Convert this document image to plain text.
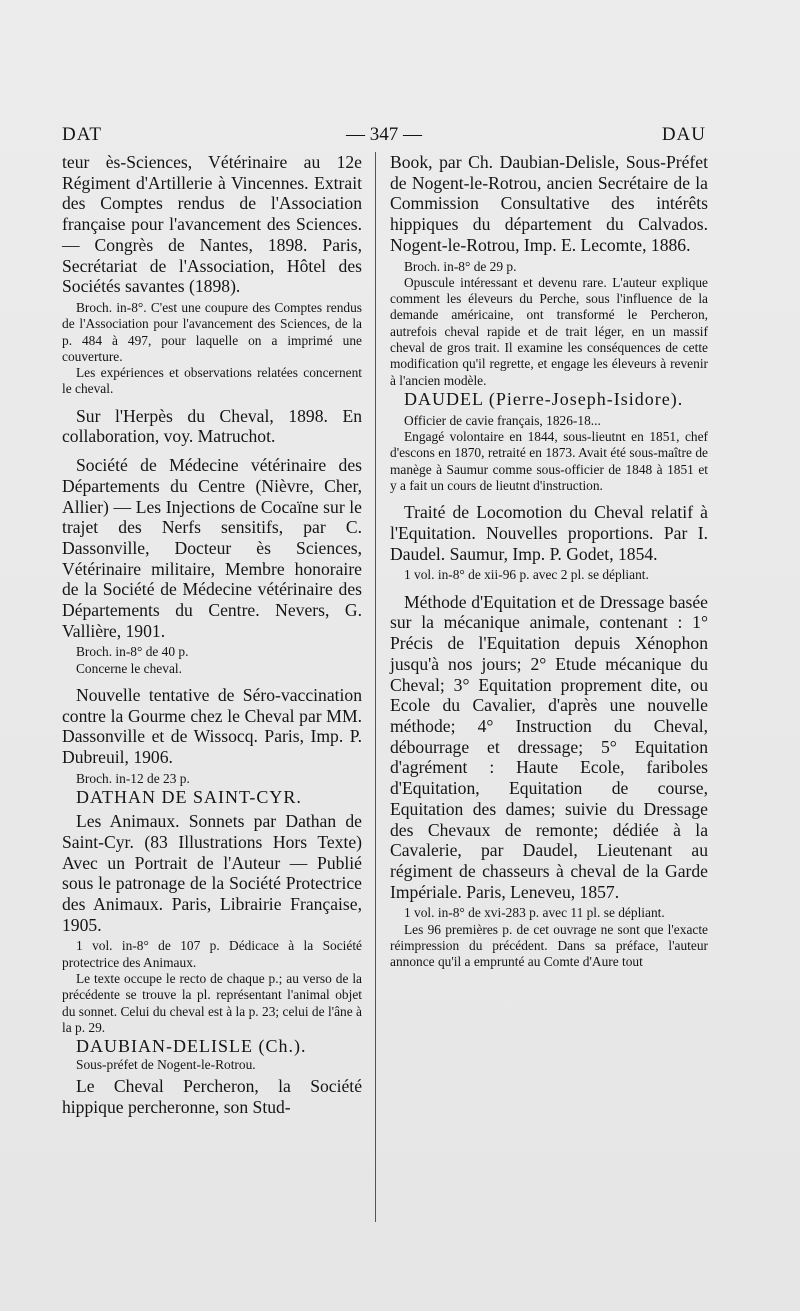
DAT	— 347 —	DAU

teur ès-Sciences, Vétérinaire au 12e Régiment d'Artillerie à Vincennes. Extrait des Comptes rendus de l'Association française pour l'avancement des Sciences. — Congrès de Nantes, 1898. Paris, Secrétariat de l'Association, Hôtel des Sociétés savantes (1898).

Broch. in-8°. C'est une coupure des Comptes rendus de l'Association pour l'avancement des Sciences, de la p. 484 à 497, pour laquelle on a imprimé une couverture.

Les expériences et observations relatées concernent le cheval.

Sur l'Herpès du Cheval, 1898. En collaboration, voy. Matruchot.

Société de Médecine vétérinaire des Départements du Centre (Nièvre, Cher, Allier) — Les Injections de Cocaïne sur le trajet des Nerfs sensitifs, par C. Dassonville, Docteur ès Sciences, Vétérinaire militaire, Membre honoraire de la Société de Médecine vétérinaire des Départements du Centre. Nevers, G. Vallière, 1901.

Broch. in-8° de 40 p.

Concerne le cheval.

Nouvelle tentative de Séro-vaccination contre la Gourme chez le Cheval par MM. Dassonville et de Wissocq. Paris, Imp. P. Dubreuil, 1906.

Broch. in-12 de 23 p.

DATHAN DE SAINT-CYR.

Les Animaux. Sonnets par Dathan de Saint-Cyr. (83 Illustrations Hors Texte) Avec un Portrait de l'Auteur — Publié sous le patronage de la Société Protectrice des Animaux. Paris, Librairie Française, 1905.

1 vol. in-8° de 107 p. Dédicace à la Société protectrice des Animaux.

Le texte occupe le recto de chaque p.; au verso de la précédente se trouve la pl. représentant l'animal objet du sonnet. Celui du cheval est à la p. 23; celui de l'âne à la p. 29.

DAUBIAN-DELISLE (Ch.).

Sous-préfet de Nogent-le-Rotrou.

Le Cheval Percheron, la Société hippique percheronne, son Stud-

Book, par Ch. Daubian-Delisle, Sous-Préfet de Nogent-le-Rotrou, ancien Secrétaire de la Commission Consultative des intérêts hippiques du département du Calvados. Nogent-le-Rotrou, Imp. E. Lecomte, 1886.

Broch. in-8° de 29 p.

Opuscule intéressant et devenu rare. L'auteur explique comment les éleveurs du Perche, sous l'influence de la demande américaine, ont transformé le Percheron, autrefois cheval rapide et de trait léger, en un massif cheval de gros trait. Il examine les conséquences de cette modification qu'il regrette, et engage les éleveurs à revenir à l'ancien modèle.

DAUDEL (Pierre-Joseph-Isidore).

Officier de cavie français, 1826-18...

Engagé volontaire en 1844, sous-lieutnt en 1851, chef d'escons en 1870, retraité en 1873. Avait été sous-maître de manège à Saumur comme sous-officier de 1848 à 1851 et y a fait un cours de lieutnt d'instruction.

Traité de Locomotion du Cheval relatif à l'Equitation. Nouvelles proportions. Par I. Daudel. Saumur, Imp. P. Godet, 1854.

1 vol. in-8° de xii-96 p. avec 2 pl. se dépliant.

Méthode d'Equitation et de Dressage basée sur la mécanique animale, contenant : 1° Précis de l'Equitation depuis Xénophon jusqu'à nos jours; 2° Etude mécanique du Cheval; 3° Equitation proprement dite, ou Ecole du Cavalier, d'après une nouvelle méthode; 4° Instruction du Cheval, débourrage et dressage; 5° Equitation d'agrément : Haute Ecole, fariboles d'Equitation, Equitation de course, Equitation des dames; suivie du Dressage des Chevaux de remonte; dédiée à la Cavalerie, par Daudel, Lieutenant au régiment de chasseurs à cheval de la Garde Impériale. Paris, Leneveu, 1857.

1 vol. in-8° de xvi-283 p. avec 11 pl. se dépliant.

Les 96 premières p. de cet ouvrage ne sont que l'exacte réimpression du précédent. Dans sa préface, l'auteur annonce qu'il a emprunté au Comte d'Aure tout
